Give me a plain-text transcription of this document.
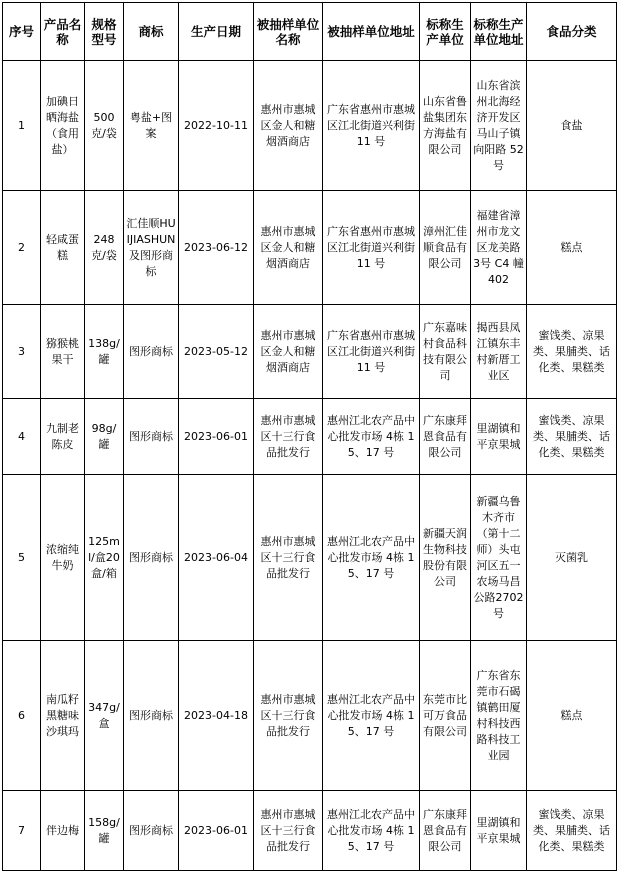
序号	产品名称	规格型号	商标	生产日期	被抽样单位名称	被抽样单位地址	标称生产单位	标称生产单位地址	食品分类
1	加碘日晒海盐（食用盐）	500克/袋	粤盐+图案	2022-10-11	惠州市惠城区金人和糖烟酒商店	广东省惠州市惠城区江北街道兴利街 11 号	山东省鲁盐集团东方海盐有限公司	山东省滨州北海经济开发区马山子镇向阳路 52 号	食盐
2	轻咸蛋糕	248克/袋	汇佳顺HUIJIASHUN及图形商标	2023-06-12	惠州市惠城区金人和糖烟酒商店	广东省惠州市惠城区江北街道兴利街 11 号	漳州汇佳顺食品有限公司	福建省漳州市龙文区龙美路 3号 C4 幢402	糕点
3	猕猴桃果干	138g/罐	图形商标	2023-05-12	惠州市惠城区金人和糖烟酒商店	广东省惠州市惠城区江北街道兴利街 11 号	广东嘉味村食品科技有限公司	揭西县凤江镇东丰村新厝工业区	蜜饯类、凉果类、果脯类、话化类、果糕类
4	九制老陈皮	98g/罐	图形商标	2023-06-01	惠州市惠城区十三行食品批发行	惠州江北农产品中心批发市场 4栋 15、17 号	广东康拜恩食品有限公司	里湖镇和平京果城	蜜饯类、凉果类、果脯类、话化类、果糕类
5	浓缩纯牛奶	125ml/盒20 盒/箱	图形商标	2023-06-04	惠州市惠城区十三行食品批发行	惠州江北农产品中心批发市场 4栋 15、17 号	新疆天润生物科技股份有限公司	新疆乌鲁木齐市（第十二师）头屯河区五一农场马昌公路2702 号	灭菌乳
6	南瓜籽黑糖味沙琪玛	347g/盒	图形商标	2023-04-18	惠州市惠城区十三行食品批发行	惠州江北农产品中心批发市场 4栋 15、17 号	东莞市比可万食品有限公司	广东省东莞市石碣镇鹤田厦村科技西路科技工业园	糕点
7	伴边梅	158g/罐	图形商标	2023-06-01	惠州市惠城区十三行食品批发行	惠州江北农产品中心批发市场 4栋 15、17 号	广东康拜恩食品有限公司	里湖镇和平京果城	蜜饯类、凉果类、果脯类、话化类、果糕类
